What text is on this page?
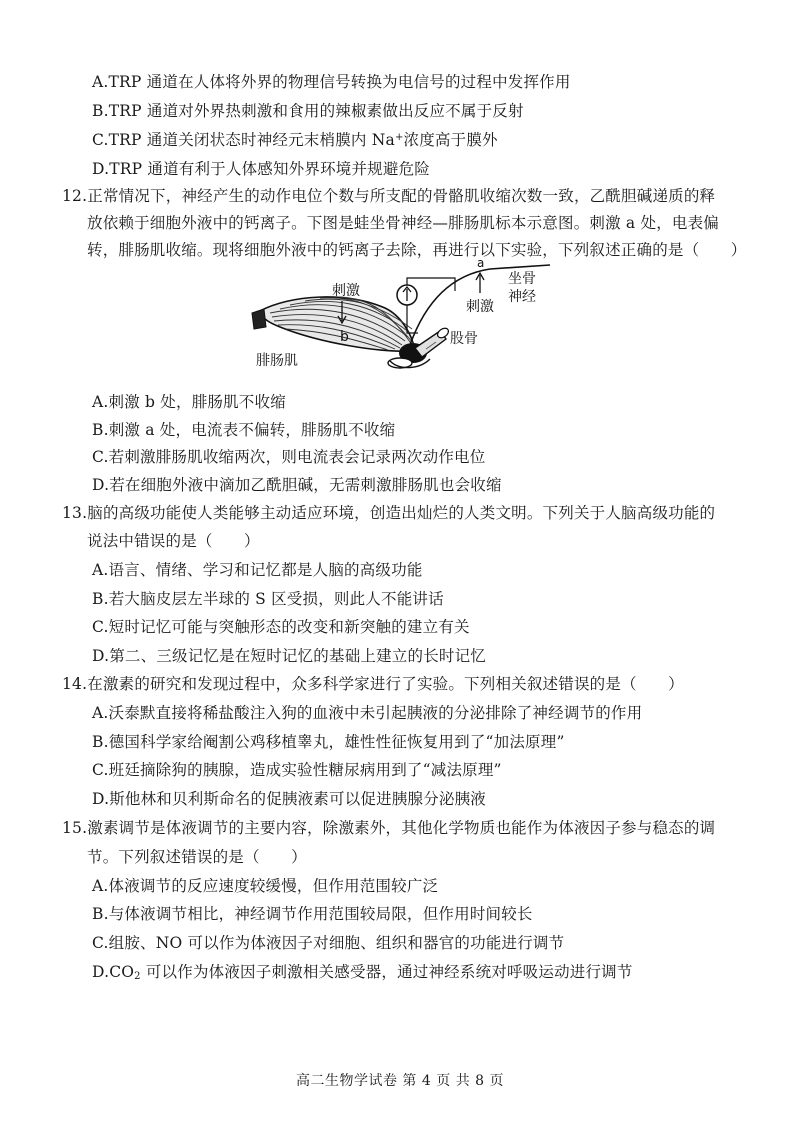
A.TRP 通道在人体将外界的物理信号转换为电信号的过程中发挥作用
B.TRP 通道对外界热刺激和食用的辣椒素做出反应不属于反射
C.TRP 通道关闭状态时神经元末梢膜内 Na+浓度高于膜外
D.TRP 通道有利于人体感知外界环境并规避危险
12.正常情况下，神经产生的动作电位个数与所支配的骨骼肌收缩次数一致，乙酰胆碱递质的释
放依赖于细胞外液中的钙离子。下图是蛙坐骨神经—腓肠肌标本示意图。刺激 a 处，电表偏
转，腓肠肌收缩。现将细胞外液中的钙离子去除，再进行以下实验，下列叙述正确的是（　　）
刺激
b
腓肠肌
a
坐骨
神经
刺激
股骨
A.刺激 b 处，腓肠肌不收缩
B.刺激 a 处，电流表不偏转，腓肠肌不收缩
C.若刺激腓肠肌收缩两次，则电流表会记录两次动作电位
D.若在细胞外液中滴加乙酰胆碱，无需刺激腓肠肌也会收缩
13.脑的高级功能使人类能够主动适应环境，创造出灿烂的人类文明。下列关于人脑高级功能的
说法中错误的是（　　）
A.语言、情绪、学习和记忆都是人脑的高级功能
B.若大脑皮层左半球的 S 区受损，则此人不能讲话
C.短时记忆可能与突触形态的改变和新突触的建立有关
D.第二、三级记忆是在短时记忆的基础上建立的长时记忆
14.在激素的研究和发现过程中，众多科学家进行了实验。下列相关叙述错误的是（　　）
A.沃泰默直接将稀盐酸注入狗的血液中未引起胰液的分泌排除了神经调节的作用
B.德国科学家给阉割公鸡移植睾丸，雄性性征恢复用到了“加法原理”
C.班廷摘除狗的胰腺，造成实验性糖尿病用到了“减法原理”
D.斯他林和贝利斯命名的促胰液素可以促进胰腺分泌胰液
15.激素调节是体液调节的主要内容，除激素外，其他化学物质也能作为体液因子参与稳态的调
节。下列叙述错误的是（　　）
A.体液调节的反应速度较缓慢，但作用范围较广泛
B.与体液调节相比，神经调节作用范围较局限，但作用时间较长
C.组胺、NO 可以作为体液因子对细胞、组织和器官的功能进行调节
$D.CO_2$ 可以作为体液因子刺激相关感受器，通过神经系统对呼吸运动进行调节
高二生物学试卷 第 4 页 共 8 页
